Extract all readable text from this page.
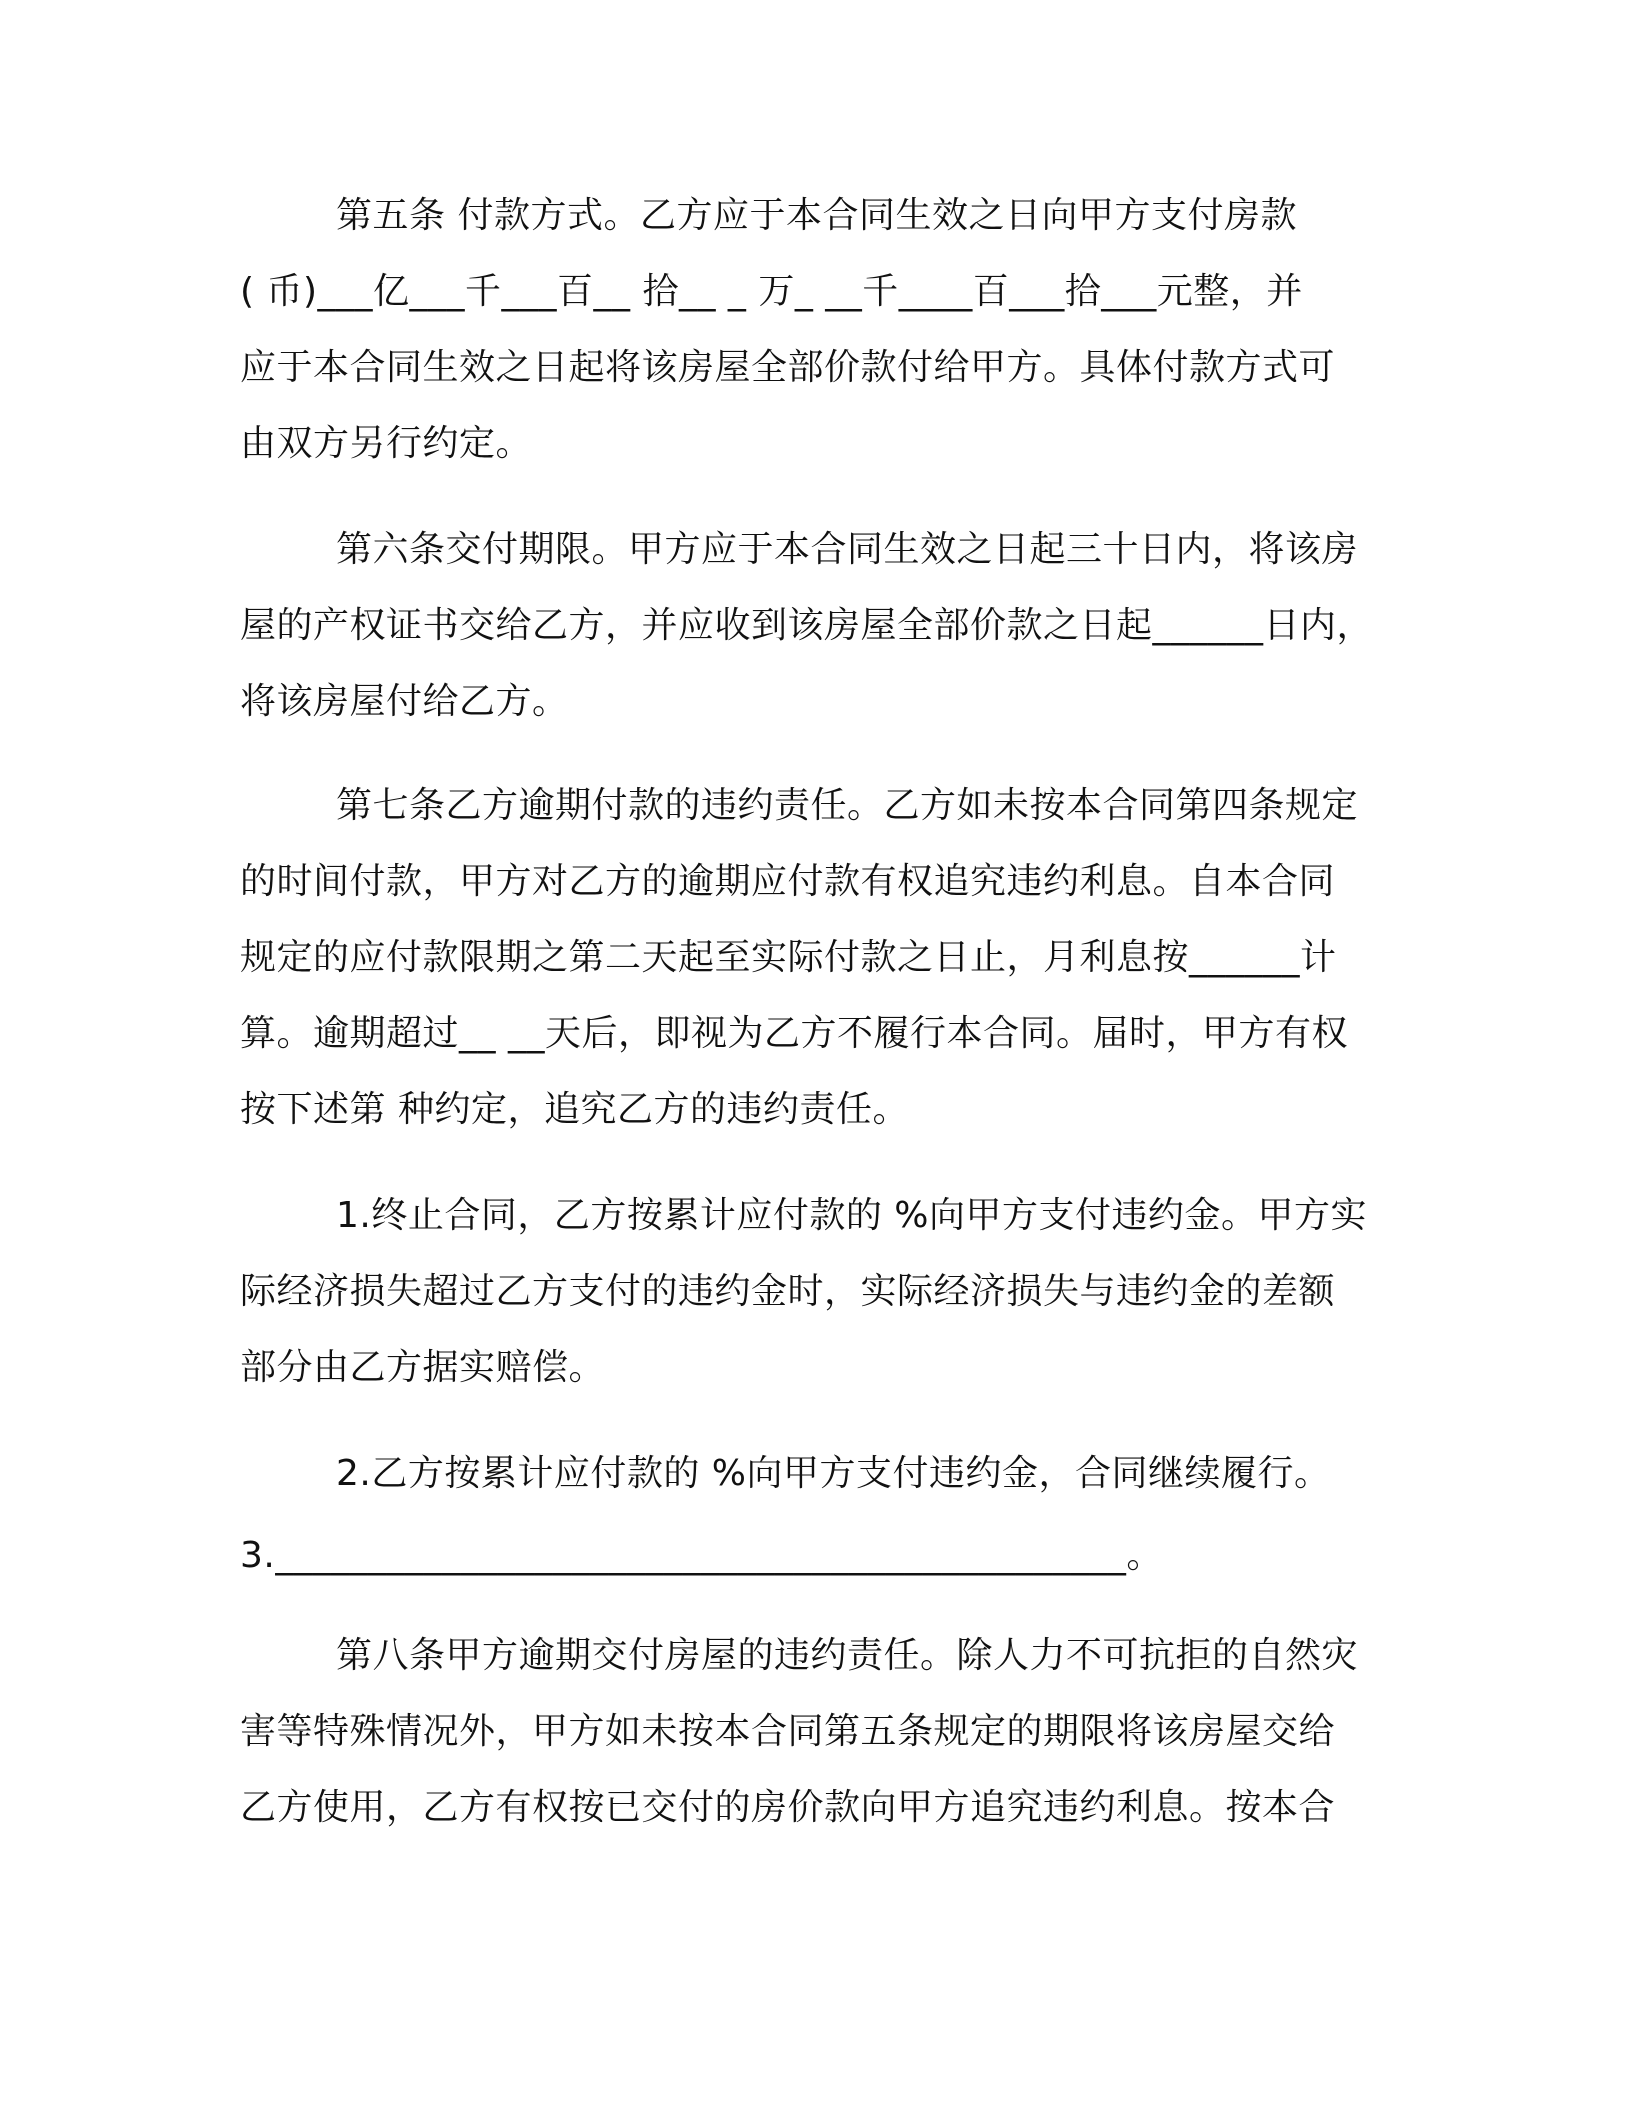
第五条 付款方式。乙方应于本合同生效之日向甲方支付房款
( 币)___亿___千___百__ 拾__ _ 万_ __千____百___拾___元整，并
应于本合同生效之日起将该房屋全部价款付给甲方。具体付款方式可
由双方另行约定。
第六条交付期限。甲方应于本合同生效之日起三十日内，将该房
屋的产权证书交给乙方，并应收到该房屋全部价款之日起______日内，
将该房屋付给乙方。
第七条乙方逾期付款的违约责任。乙方如未按本合同第四条规定
的时间付款，甲方对乙方的逾期应付款有权追究违约利息。自本合同
规定的应付款限期之第二天起至实际付款之日止，月利息按______计
算。逾期超过__ __天后，即视为乙方不履行本合同。届时，甲方有权
按下述第 种约定，追究乙方的违约责任。
1.终止合同，乙方按累计应付款的 %向甲方支付违约金。甲方实
际经济损失超过乙方支付的违约金时，实际经济损失与违约金的差额
部分由乙方据实赔偿。
2.乙方按累计应付款的 %向甲方支付违约金，合同继续履行。
3.______________________________________________。
第八条甲方逾期交付房屋的违约责任。除人力不可抗拒的自然灾
害等特殊情况外，甲方如未按本合同第五条规定的期限将该房屋交给
乙方使用，乙方有权按已交付的房价款向甲方追究违约利息。按本合
